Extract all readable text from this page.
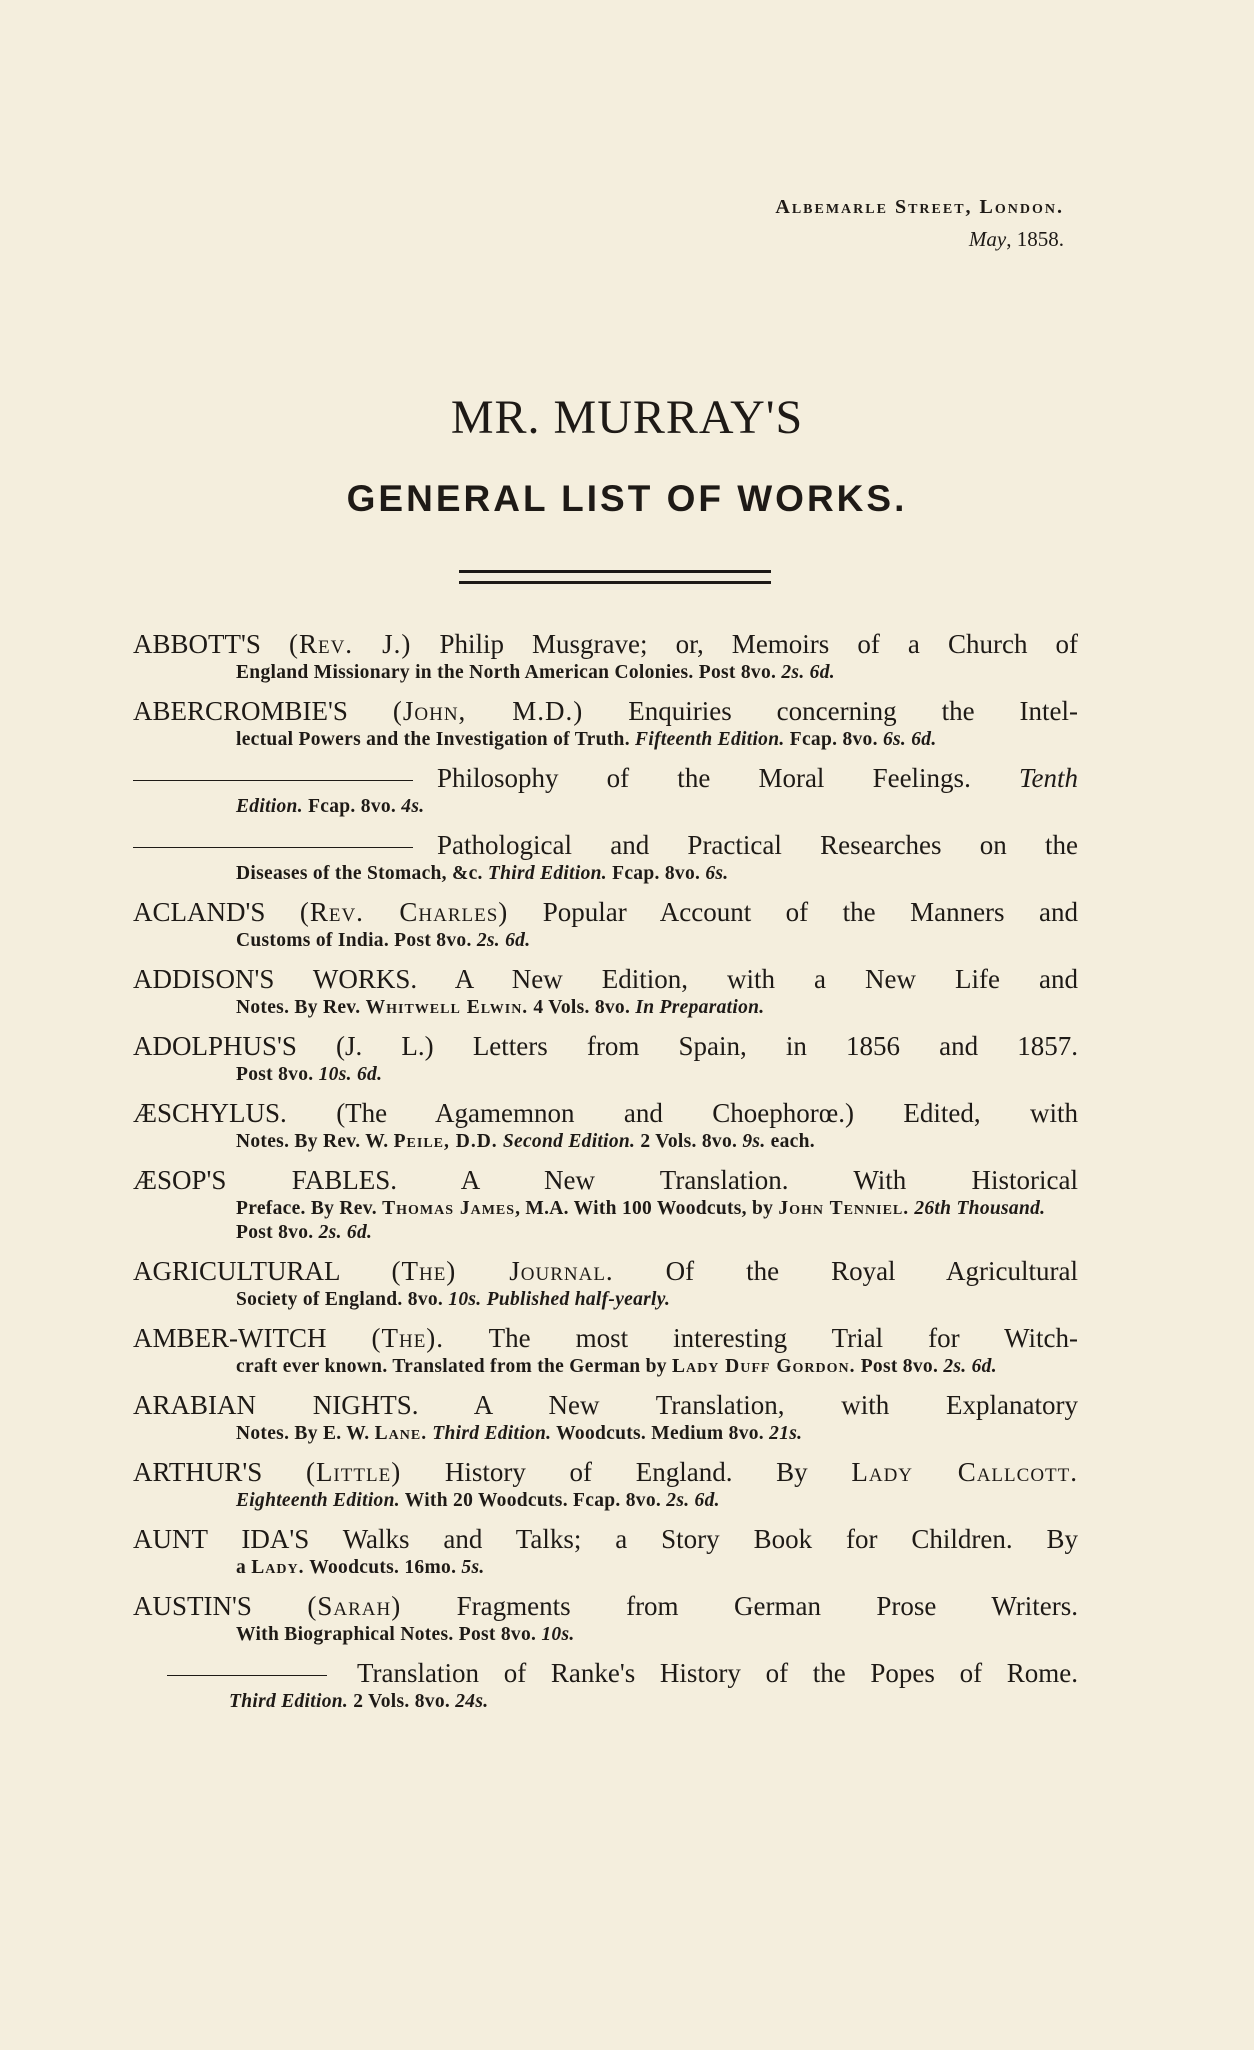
Albemarle Street, London.
May, 1858.
MR. MURRAY'S
GENERAL LIST OF WORKS.
ABBOTT'S (Rev. J.) Philip Musgrave; or, Memoirs of a Church of
England Missionary in the North American Colonies. Post 8vo. 2s. 6d.
ABERCROMBIE'S (John, M.D.) Enquiries concerning the Intel-
lectual Powers and the Investigation of Truth. Fifteenth Edition. Fcap. 8vo. 6s. 6d.
Philosophy of the Moral Feelings. Tenth
Edition. Fcap. 8vo. 4s.
Pathological and Practical Researches on the
Diseases of the Stomach, &c. Third Edition. Fcap. 8vo. 6s.
ACLAND'S (Rev. Charles) Popular Account of the Manners and
Customs of India. Post 8vo. 2s. 6d.
ADDISON'S WORKS. A New Edition, with a New Life and
Notes. By Rev. Whitwell Elwin. 4 Vols. 8vo. In Preparation.
ADOLPHUS'S (J. L.) Letters from Spain, in 1856 and 1857.
Post 8vo. 10s. 6d.
ÆSCHYLUS. (The Agamemnon and Choephorœ.) Edited, with
Notes. By Rev. W. Peile, D.D. Second Edition. 2 Vols. 8vo. 9s. each.
ÆSOP'S FABLES. A New Translation. With Historical
Preface. By Rev. Thomas James, M.A. With 100 Woodcuts, by John Tenniel. 26th Thousand. Post 8vo. 2s. 6d.
AGRICULTURAL (The) Journal. Of the Royal Agricultural
Society of England. 8vo. 10s. Published half-yearly.
AMBER-WITCH (The). The most interesting Trial for Witch-
craft ever known. Translated from the German by Lady Duff Gordon. Post 8vo. 2s. 6d.
ARABIAN NIGHTS. A New Translation, with Explanatory
Notes. By E. W. Lane. Third Edition. Woodcuts. Medium 8vo. 21s.
ARTHUR'S (Little) History of England. By Lady Callcott.
Eighteenth Edition. With 20 Woodcuts. Fcap. 8vo. 2s. 6d.
AUNT IDA'S Walks and Talks; a Story Book for Children. By
a Lady. Woodcuts. 16mo. 5s.
AUSTIN'S (Sarah) Fragments from German Prose Writers.
With Biographical Notes. Post 8vo. 10s.
Translation of Ranke's History of the Popes of Rome.
Third Edition. 2 Vols. 8vo. 24s.
